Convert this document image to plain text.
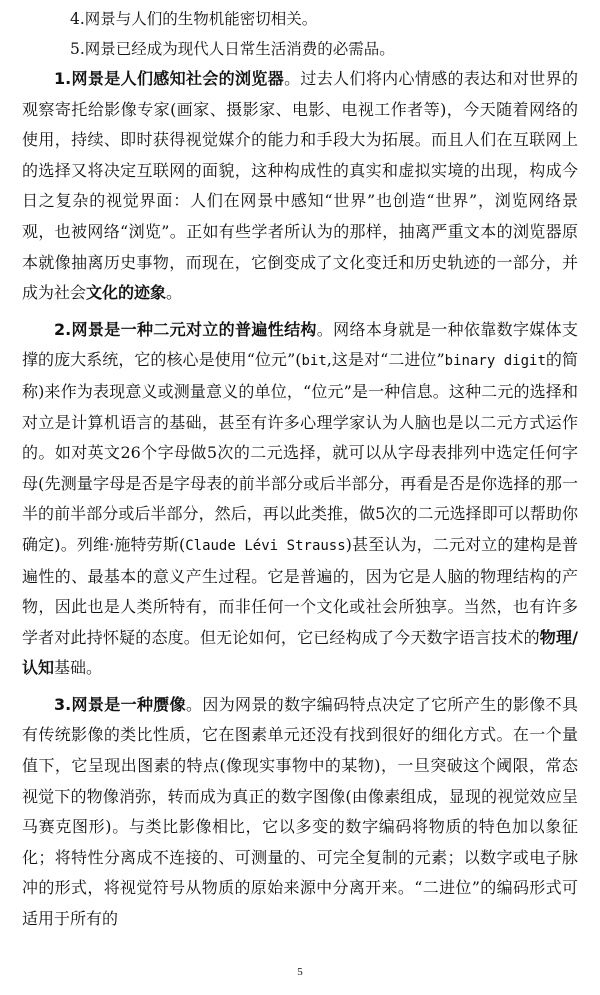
4.网景与人们的生物机能密切相关。

5.网景已经成为现代人日常生活消费的必需品。

1.网景是人们感知社会的浏览器。过去人们将内心情感的表达和对世界的观察寄托给影像专家(画家、摄影家、电影、电视工作者等)，今天随着网络的使用，持续、即时获得视觉媒介的能力和手段大为拓展。而且人们在互联网上的选择又将决定互联网的面貌，这种构成性的真实和虚拟实境的出现，构成今日之复杂的视觉界面：人们在网景中感知“世界”也创造“世界”，浏览网络景观，也被网络“浏览”。正如有些学者所认为的那样，抽离严重文本的浏览器原本就像抽离历史事物，而现在，它倒变成了文化变迁和历史轨迹的一部分，并成为社会文化的迹象。

2.网景是一种二元对立的普遍性结构。网络本身就是一种依靠数字媒体支撑的庞大系统，它的核心是使用“位元”(bit,这是对“二进位”binary digit的简称)来作为表现意义或测量意义的单位，“位元”是一种信息。这种二元的选择和对立是计算机语言的基础，甚至有许多心理学家认为人脑也是以二元方式运作的。如对英文26个字母做5次的二元选择，就可以从字母表排列中选定任何字母(先测量字母是否是字母表的前半部分或后半部分，再看是否是你选择的那一半的前半部分或后半部分，然后，再以此类推，做5次的二元选择即可以帮助你确定)。列维·施特劳斯(Claude Lévi Strauss)甚至认为，二元对立的建构是普遍性的、最基本的意义产生过程。它是普遍的，因为它是人脑的物理结构的产物，因此也是人类所特有，而非任何一个文化或社会所独享。当然，也有许多学者对此持怀疑的态度。但无论如何，它已经构成了今天数字语言技术的物理/认知基础。

3.网景是一种赝像。因为网景的数字编码特点决定了它所产生的影像不具有传统影像的类比性质，它在图素单元还没有找到很好的细化方式。在一个量值下，它呈现出图素的特点(像现实事物中的某物)，一旦突破这个阈限，常态视觉下的物像消弥，转而成为真正的数字图像(由像素组成，显现的视觉效应呈马赛克图形)。与类比影像相比，它以多变的数字编码将物质的特色加以象征化；将特性分离成不连接的、可测量的、可完全复制的元素；以数字或电子脉冲的形式，将视觉符号从物质的原始来源中分离开来。“二进位”的编码形式可适用于所有的

5
